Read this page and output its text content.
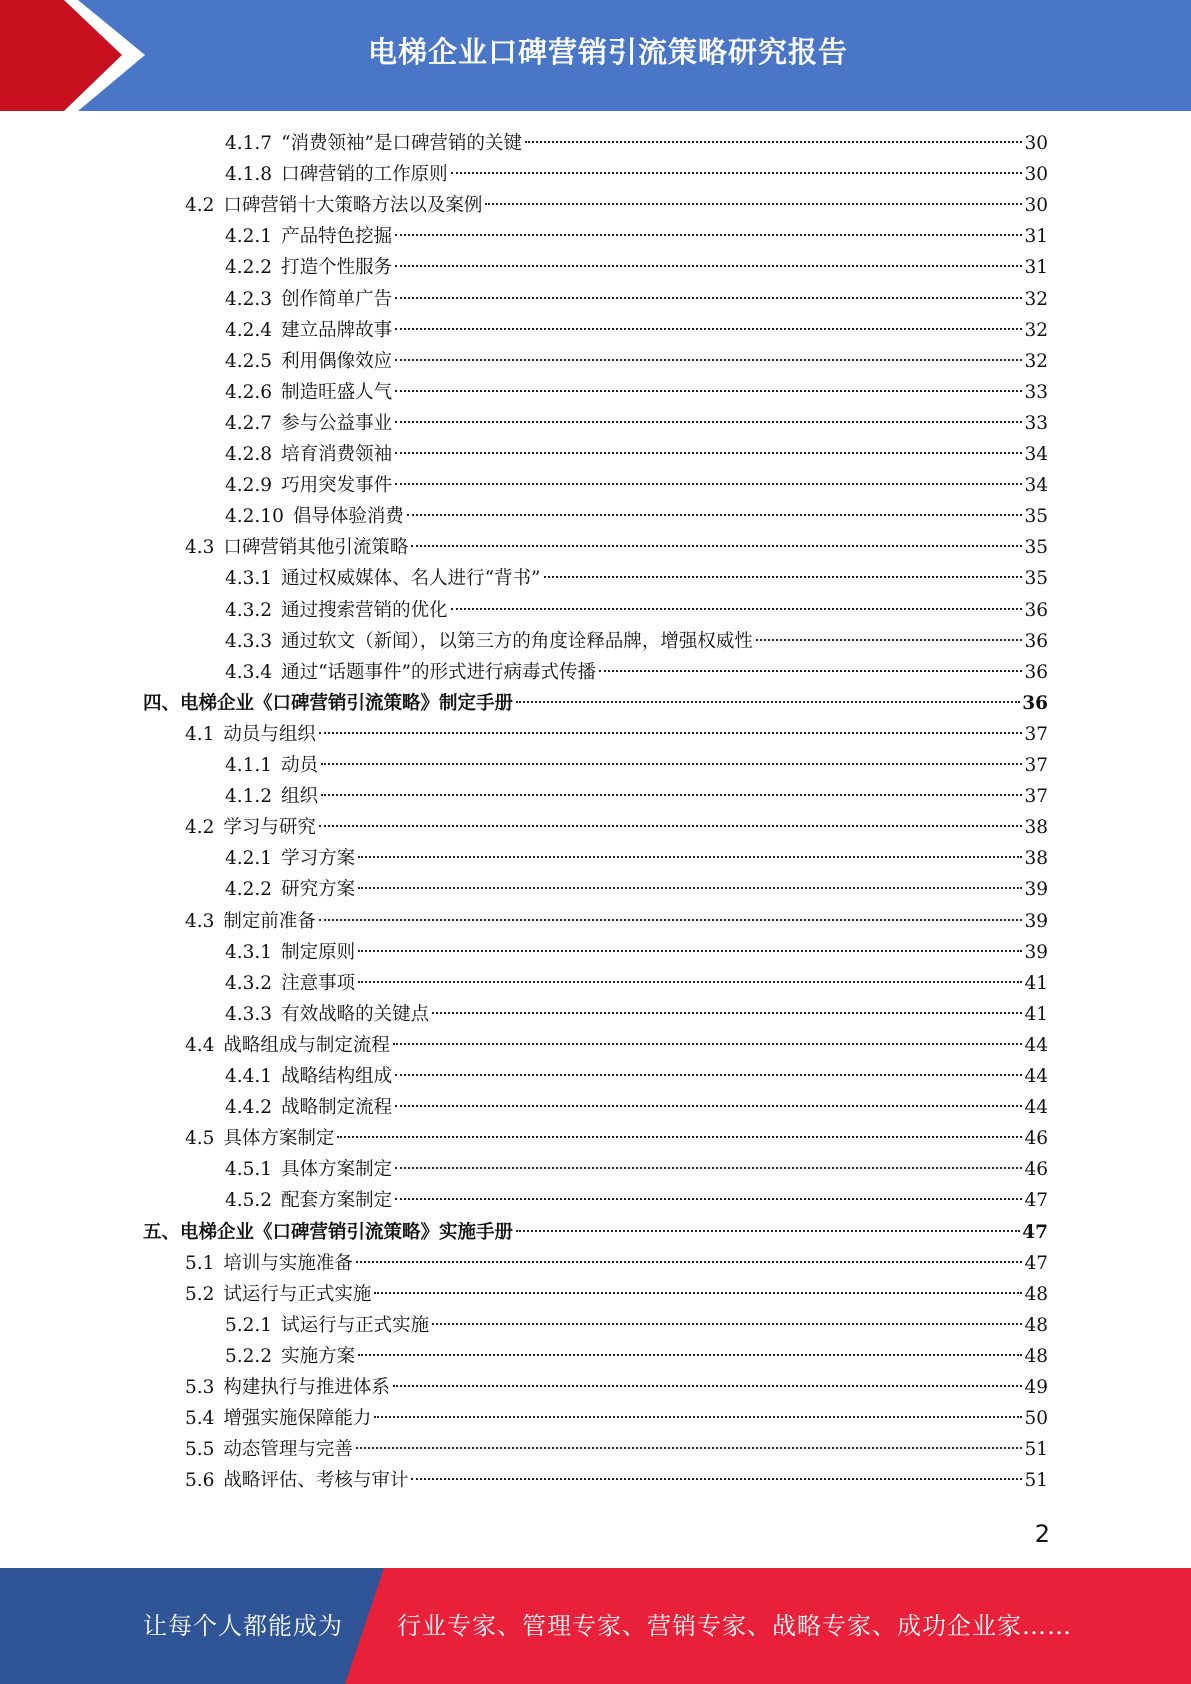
电梯企业口碑营销引流策略研究报告
4.1.7 “消费领袖”是口碑营销的关键	30
4.1.8 口碑营销的工作原则	30
4.2 口碑营销十大策略方法以及案例	30
4.2.1 产品特色挖掘	31
4.2.2 打造个性服务	31
4.2.3 创作简单广告	32
4.2.4 建立品牌故事	32
4.2.5 利用偶像效应	32
4.2.6 制造旺盛人气	33
4.2.7 参与公益事业	33
4.2.8 培育消费领袖	34
4.2.9 巧用突发事件	34
4.2.10 倡导体验消费	35
4.3 口碑营销其他引流策略	35
4.3.1 通过权威媒体、名人进行“背书”	35
4.3.2 通过搜索营销的优化	36
4.3.3 通过软文（新闻），以第三方的角度诠释品牌，增强权威性	36
4.3.4 通过“话题事件”的形式进行病毒式传播	36
四、 电梯企业《口碑营销引流策略》制定手册	36
4.1 动员与组织	37
4.1.1 动员	37
4.1.2 组织	37
4.2 学习与研究	38
4.2.1 学习方案	38
4.2.2 研究方案	39
4.3 制定前准备	39
4.3.1 制定原则	39
4.3.2 注意事项	41
4.3.3 有效战略的关键点	41
4.4 战略组成与制定流程	44
4.4.1 战略结构组成	44
4.4.2 战略制定流程	44
4.5 具体方案制定	46
4.5.1 具体方案制定	46
4.5.2 配套方案制定	47
五、 电梯企业《口碑营销引流策略》实施手册	47
5.1 培训与实施准备	47
5.2 试运行与正式实施	48
5.2.1 试运行与正式实施	48
5.2.2 实施方案	48
5.3 构建执行与推进体系	49
5.4 增强实施保障能力	50
5.5 动态管理与完善	51
5.6 战略评估、考核与审计	51
2
让每个人都能成为 行业专家、管理专家、营销专家、战略专家、成功企业家……
